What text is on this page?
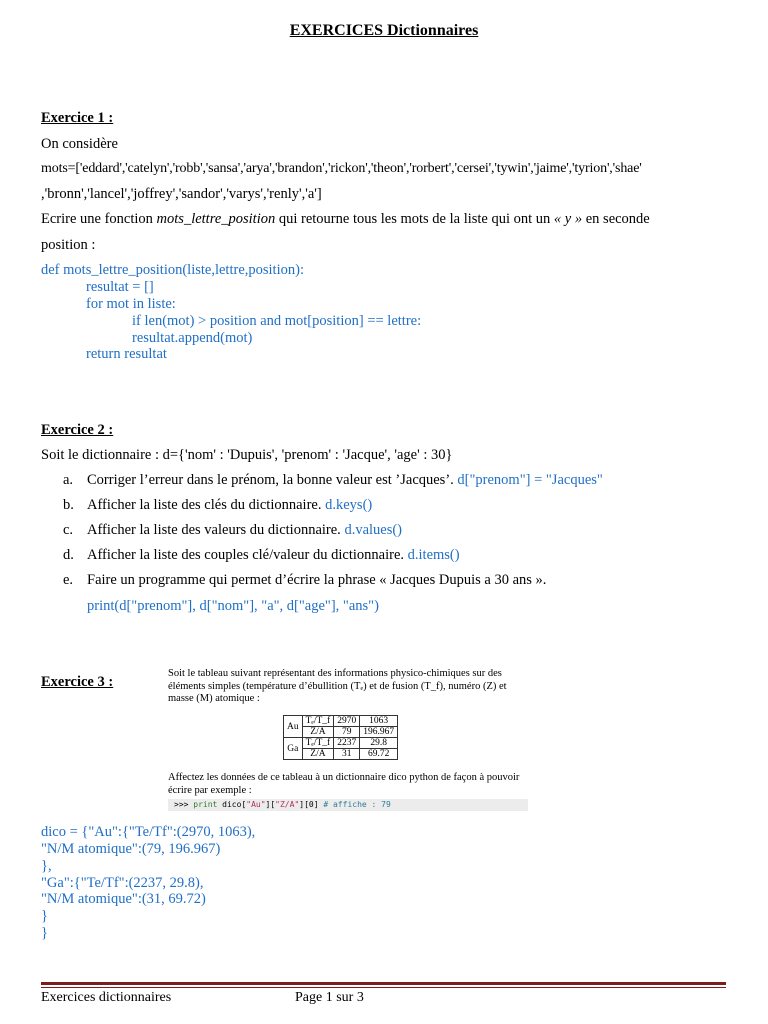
EXERCICES Dictionnaires
Exercice 1 :
On considère
mots=['eddard','catelyn','robb','sansa','arya','brandon','rickon','theon','rorbert','cersei','tywin','jaime','tyrion','shae'
,'bronn','lancel','joffrey','sandor','varys','renly','a']
Ecrire une fonction mots_lettre_position qui retourne tous les mots de la liste qui ont un « y » en seconde
position :
def mots_lettre_position(liste,lettre,position):
resultat = []
for mot in liste:
if len(mot) > position and mot[position] == lettre:
resultat.append(mot)
return resultat
Exercice 2 :
Soit le dictionnaire : d={'nom' : 'Dupuis', 'prenom' : 'Jacque', 'age' : 30}
a. Corriger l’erreur dans le prénom, la bonne valeur est ’Jacques’. d["prenom"] = "Jacques"
b. Afficher la liste des clés du dictionnaire. d.keys()
c. Afficher la liste des valeurs du dictionnaire. d.values()
d. Afficher la liste des couples clé/valeur du dictionnaire. d.items()
e. Faire un programme qui permet d’écrire la phrase « Jacques Dupuis a 30 ans ».
print(d["prenom"], d["nom"], "a", d["age"], "ans")
Exercice 3 :
Soit le tableau suivant représentant des informations physico-chimiques sur des éléments simples (température d’ébullition (Tₑ) et de fusion (T_f), numéro (Z) et masse (M) atomique :
Au	Tₑ/T_f	2970	1063
	Z/A	79	196.967
Ga	Tₑ/T_f	2237	29.8
	Z/A	31	69.72
Affectez les données de ce tableau à un dictionnaire dico python de façon à pouvoir écrire par exemple :
>>> print dico["Au"]["Z/A"][0] # affiche : 79
dico = {"Au":{"Te/Tf":(2970, 1063),
"N/M atomique":(79, 196.967)
},
"Ga":{"Te/Tf":(2237, 29.8),
"N/M atomique":(31, 69.72)
}
}
Exercices dictionnaires	Page 1 sur 3
